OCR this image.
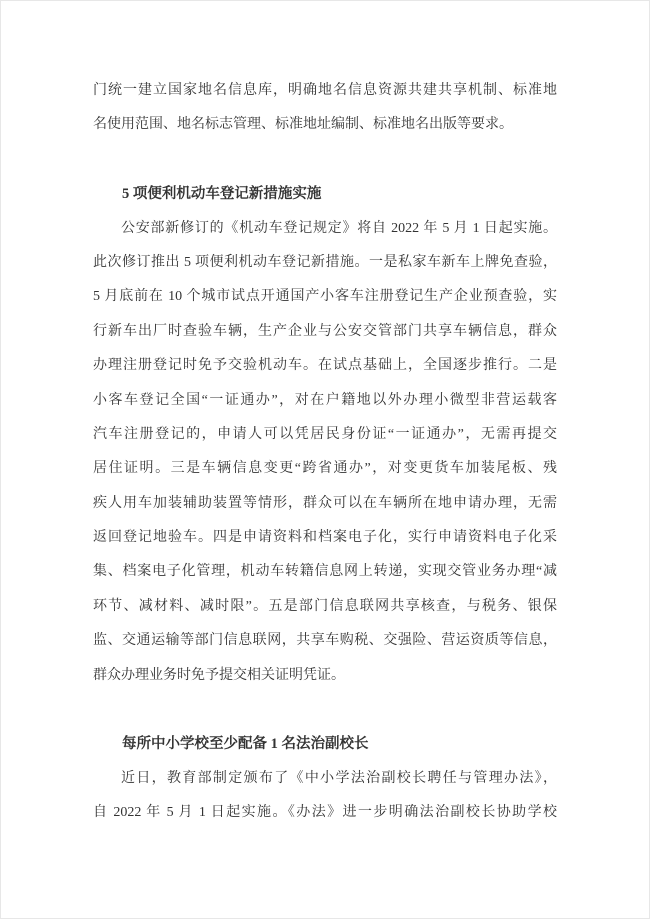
门统一建立国家地名信息库，明确地名信息资源共建共享机制、标准地
名使用范围、地名标志管理、标准地址编制、标准地名出版等要求。
5 项便利机动车登记新措施实施
公安部新修订的《机动车登记规定》将自 2022 年 5 月 1 日起实施。
此次修订推出 5 项便利机动车登记新措施。一是私家车新车上牌免查验，
5 月底前在 10 个城市试点开通国产小客车注册登记生产企业预查验，实
行新车出厂时查验车辆，生产企业与公安交管部门共享车辆信息，群众
办理注册登记时免予交验机动车。在试点基础上，全国逐步推行。二是
小客车登记全国“一证通办”，对在户籍地以外办理小微型非营运载客
汽车注册登记的，申请人可以凭居民身份证“一证通办”，无需再提交
居住证明。三是车辆信息变更“跨省通办”，对变更货车加装尾板、残
疾人用车加装辅助装置等情形，群众可以在车辆所在地申请办理，无需
返回登记地验车。四是申请资料和档案电子化，实行申请资料电子化采
集、档案电子化管理，机动车转籍信息网上转递，实现交管业务办理“减
环节、减材料、减时限”。五是部门信息联网共享核查，与税务、银保
监、交通运输等部门信息联网，共享车购税、交强险、营运资质等信息，
群众办理业务时免予提交相关证明凭证。
每所中小学校至少配备 1 名法治副校长
近日，教育部制定颁布了《中小学法治副校长聘任与管理办法》，
自 2022 年 5 月 1 日起实施。《办法》进一步明确法治副校长协助学校
